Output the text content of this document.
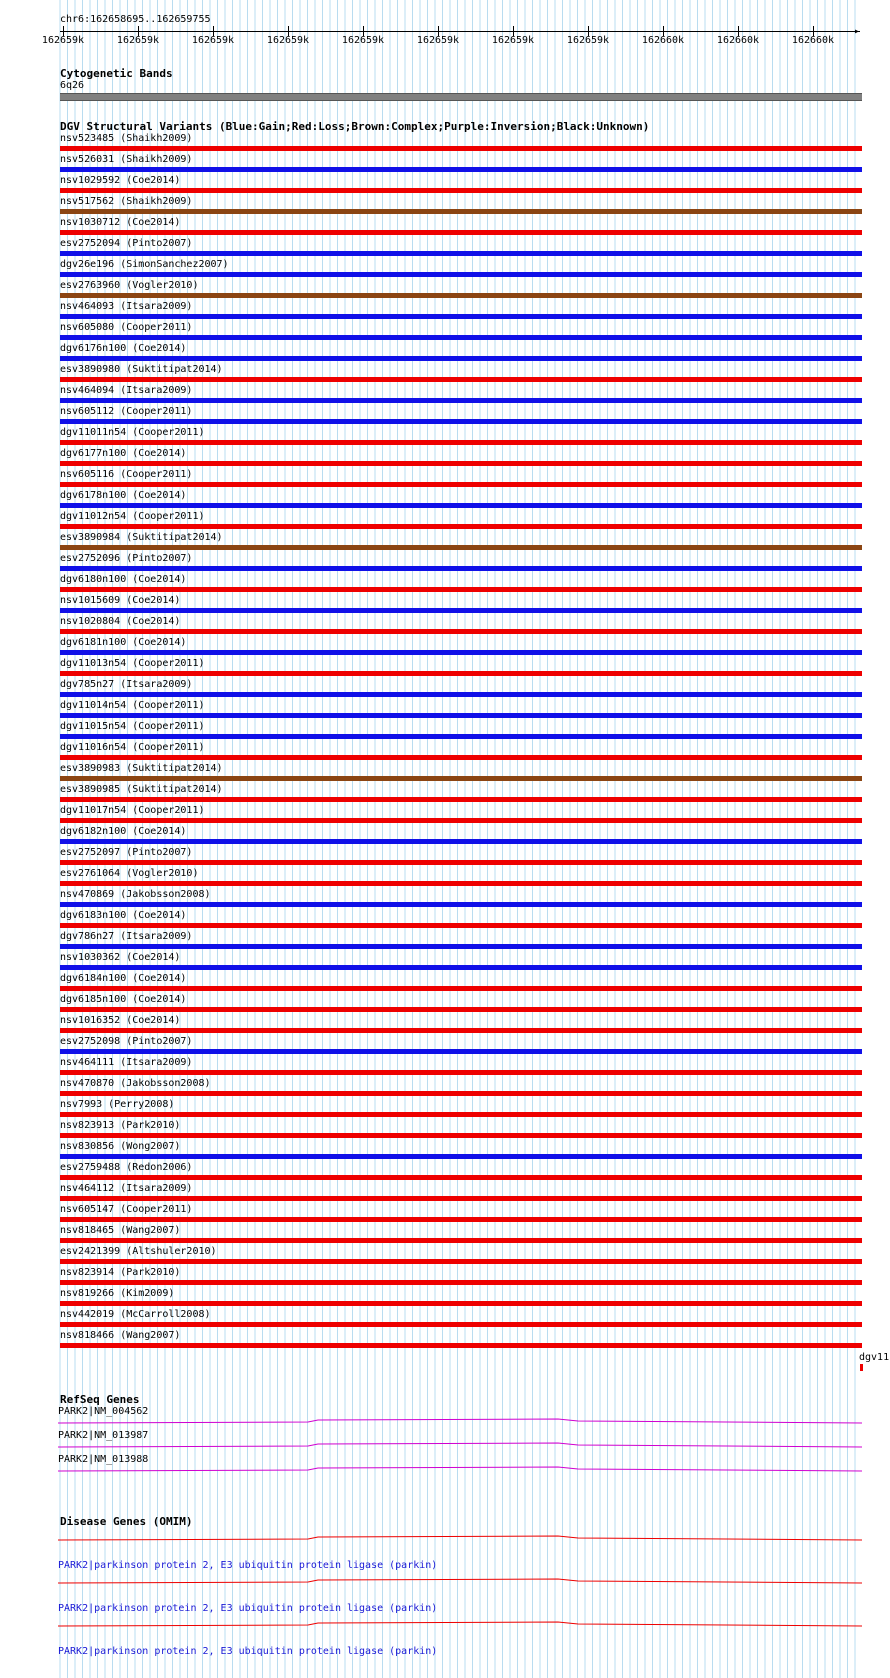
chr6:162658695..162659755
▸
162659k	162659k	162659k	162659k	162659k	162659k	162659k	162659k	162660k	162660k	162660k
Cytogenetic Bands
6q26
DGV Structural Variants (Blue:Gain;Red:Loss;Brown:Complex;Purple:Inversion;Black:Unknown)
nsv523485 (Shaikh2009)
nsv526031 (Shaikh2009)
nsv1029592 (Coe2014)
nsv517562 (Shaikh2009)
nsv1030712 (Coe2014)
esv2752094 (Pinto2007)
dgv26e196 (SimonSanchez2007)
esv2763960 (Vogler2010)
nsv464093 (Itsara2009)
nsv605080 (Cooper2011)
dgv6176n100 (Coe2014)
esv3890980 (Suktitipat2014)
nsv464094 (Itsara2009)
nsv605112 (Cooper2011)
dgv11011n54 (Cooper2011)
dgv6177n100 (Coe2014)
nsv605116 (Cooper2011)
dgv6178n100 (Coe2014)
dgv11012n54 (Cooper2011)
esv3890984 (Suktitipat2014)
esv2752096 (Pinto2007)
dgv6180n100 (Coe2014)
nsv1015609 (Coe2014)
nsv1020804 (Coe2014)
dgv6181n100 (Coe2014)
dgv11013n54 (Cooper2011)
dgv785n27 (Itsara2009)
dgv11014n54 (Cooper2011)
dgv11015n54 (Cooper2011)
dgv11016n54 (Cooper2011)
esv3890983 (Suktitipat2014)
esv3890985 (Suktitipat2014)
dgv11017n54 (Cooper2011)
dgv6182n100 (Coe2014)
esv2752097 (Pinto2007)
esv2761064 (Vogler2010)
nsv470869 (Jakobsson2008)
dgv6183n100 (Coe2014)
dgv786n27 (Itsara2009)
nsv1030362 (Coe2014)
dgv6184n100 (Coe2014)
dgv6185n100 (Coe2014)
nsv1016352 (Coe2014)
esv2752098 (Pinto2007)
nsv464111 (Itsara2009)
nsv470870 (Jakobsson2008)
nsv7993 (Perry2008)
nsv823913 (Park2010)
nsv830856 (Wong2007)
esv2759488 (Redon2006)
nsv464112 (Itsara2009)
nsv605147 (Cooper2011)
nsv818465 (Wang2007)
esv2421399 (Altshuler2010)
nsv823914 (Park2010)
nsv819266 (Kim2009)
nsv442019 (McCarroll2008)
nsv818466 (Wang2007)
dgv11
RefSeq Genes
PARK2|NM_004562
PARK2|NM_013987
PARK2|NM_013988
Disease Genes (OMIM)
PARK2|parkinson protein 2, E3 ubiquitin protein ligase (parkin)
PARK2|parkinson protein 2, E3 ubiquitin protein ligase (parkin)
PARK2|parkinson protein 2, E3 ubiquitin protein ligase (parkin)
